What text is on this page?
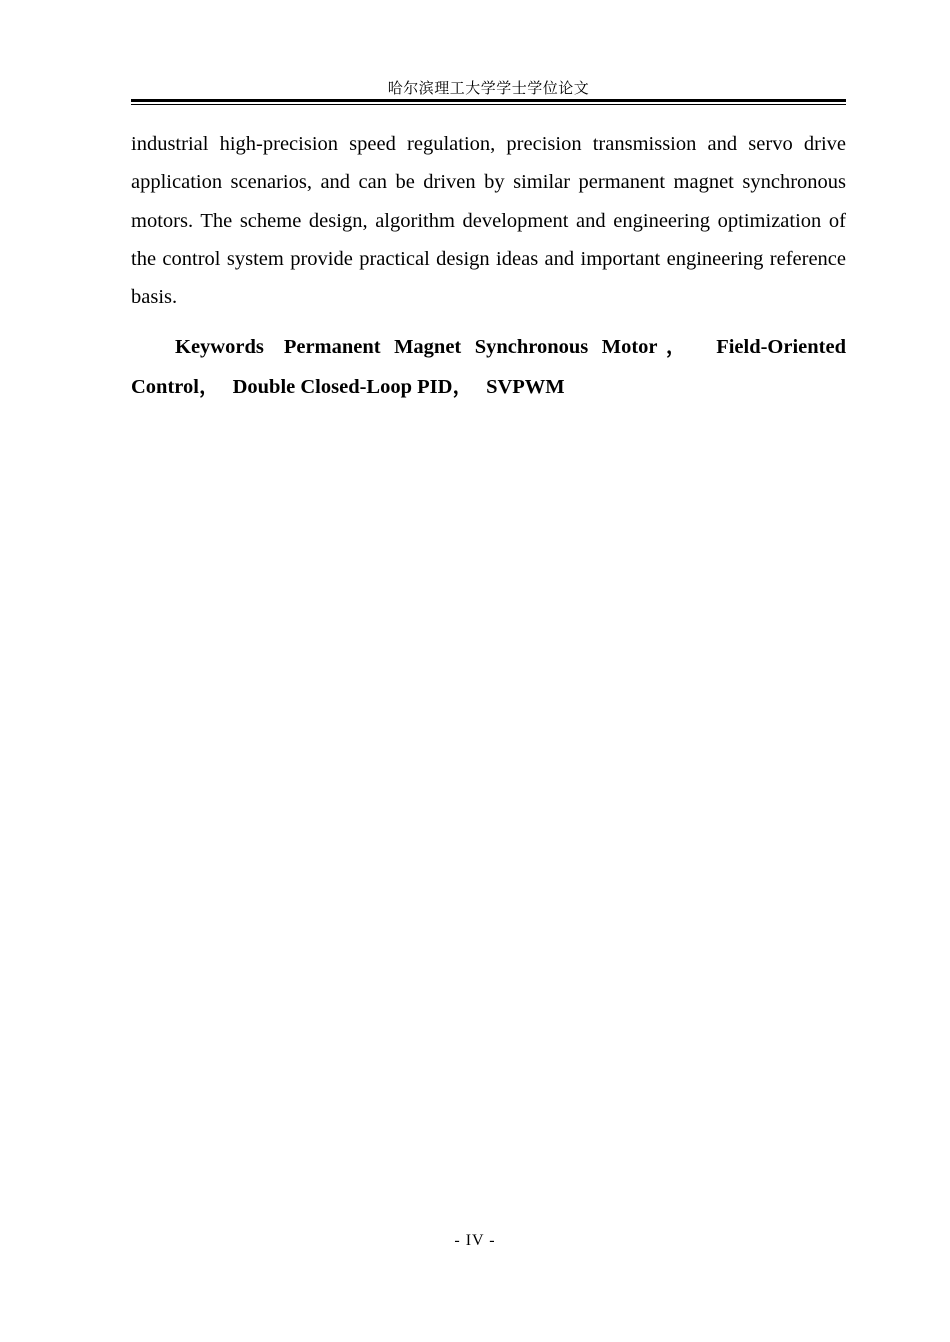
哈尔滨理工大学学士学位论文

industrial high-precision speed regulation, precision transmission and servo drive application scenarios, and can be driven by similar permanent magnet synchronous motors. The scheme design, algorithm development and engineering optimization of the control system provide practical design ideas and important engineering reference basis.

Keywords Permanent Magnet Synchronous Motor， Field-Oriented Control， Double Closed-Loop PID， SVPWM

- IV -
